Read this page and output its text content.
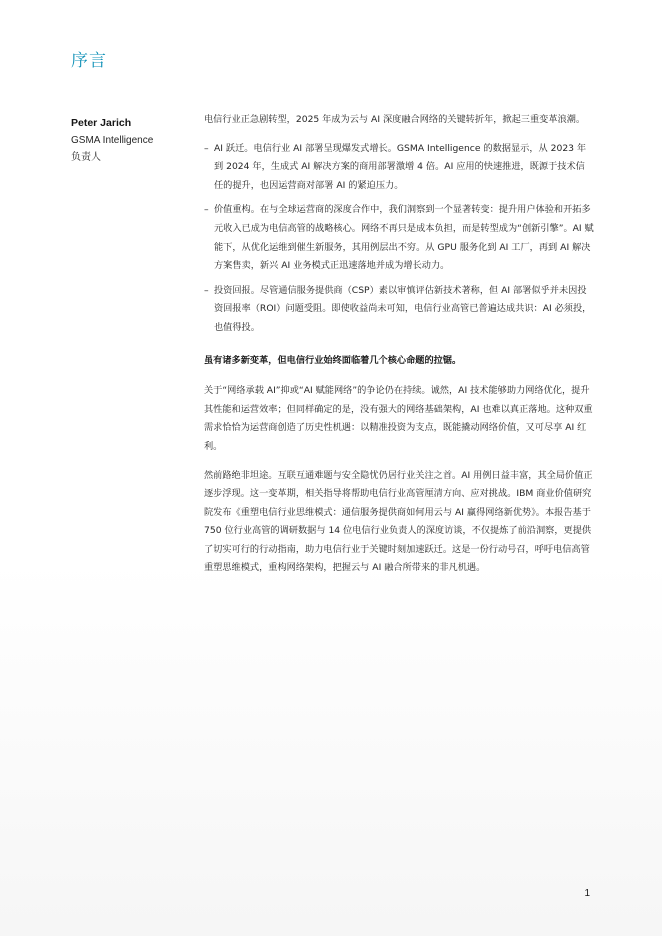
序言
Peter Jarich
GSMA Intelligence
负责人

电信行业正急剧转型，2025 年成为云与 AI 深度融合网络的关键转折年，掀起三重变革浪潮。

– AI 跃迁。电信行业 AI 部署呈现爆发式增长。GSMA Intelligence 的数据显示，从 2023 年到 2024 年，生成式 AI 解决方案的商用部署激增 4 倍。AI 应用的快速推进，既源于技术信任的提升，也因运营商对部署 AI 的紧迫压力。
– 价值重构。在与全球运营商的深度合作中，我们洞察到一个显著转变：提升用户体验和开拓多元收入已成为电信高管的战略核心。网络不再只是成本负担，而是转型成为“创新引擎”。AI 赋能下，从优化运维到催生新服务，其用例层出不穷。从 GPU 服务化到 AI 工厂，再到 AI 解决方案售卖，新兴 AI 业务模式正迅速落地并成为增长动力。
– 投资回报。尽管通信服务提供商（CSP）素以审慎评估新技术著称，但 AI 部署似乎并未因投资回报率（ROI）问题受阻。即使收益尚未可知，电信行业高管已普遍达成共识：AI 必须投，也值得投。

虽有诸多新变革，但电信行业始终面临着几个核心命题的拉锯。

关于“网络承载 AI”抑或“AI 赋能网络”的争论仍在持续。诚然，AI 技术能够助力网络优化，提升其性能和运营效率；但同样确定的是，没有强大的网络基础架构，AI 也难以真正落地。这种双重需求恰恰为运营商创造了历史性机遇：以精准投资为支点，既能撬动网络价值，又可尽享 AI 红利。

然前路绝非坦途。互联互通难题与安全隐忧仍居行业关注之首。AI 用例日益丰富，其全局价值正逐步浮现。这一变革期，相关指导将帮助电信行业高管厘清方向、应对挑战。IBM 商业价值研究院发布《重塑电信行业思维模式：通信服务提供商如何用云与 AI 赢得网络新优势》。本报告基于 750 位行业高管的调研数据与 14 位电信行业负责人的深度访谈，不仅提炼了前沿洞察，更提供了切实可行的行动指南，助力电信行业于关键时刻加速跃迁。这是一份行动号召，呼吁电信高管重塑思维模式，重构网络架构，把握云与 AI 融合所带来的非凡机遇。

1
